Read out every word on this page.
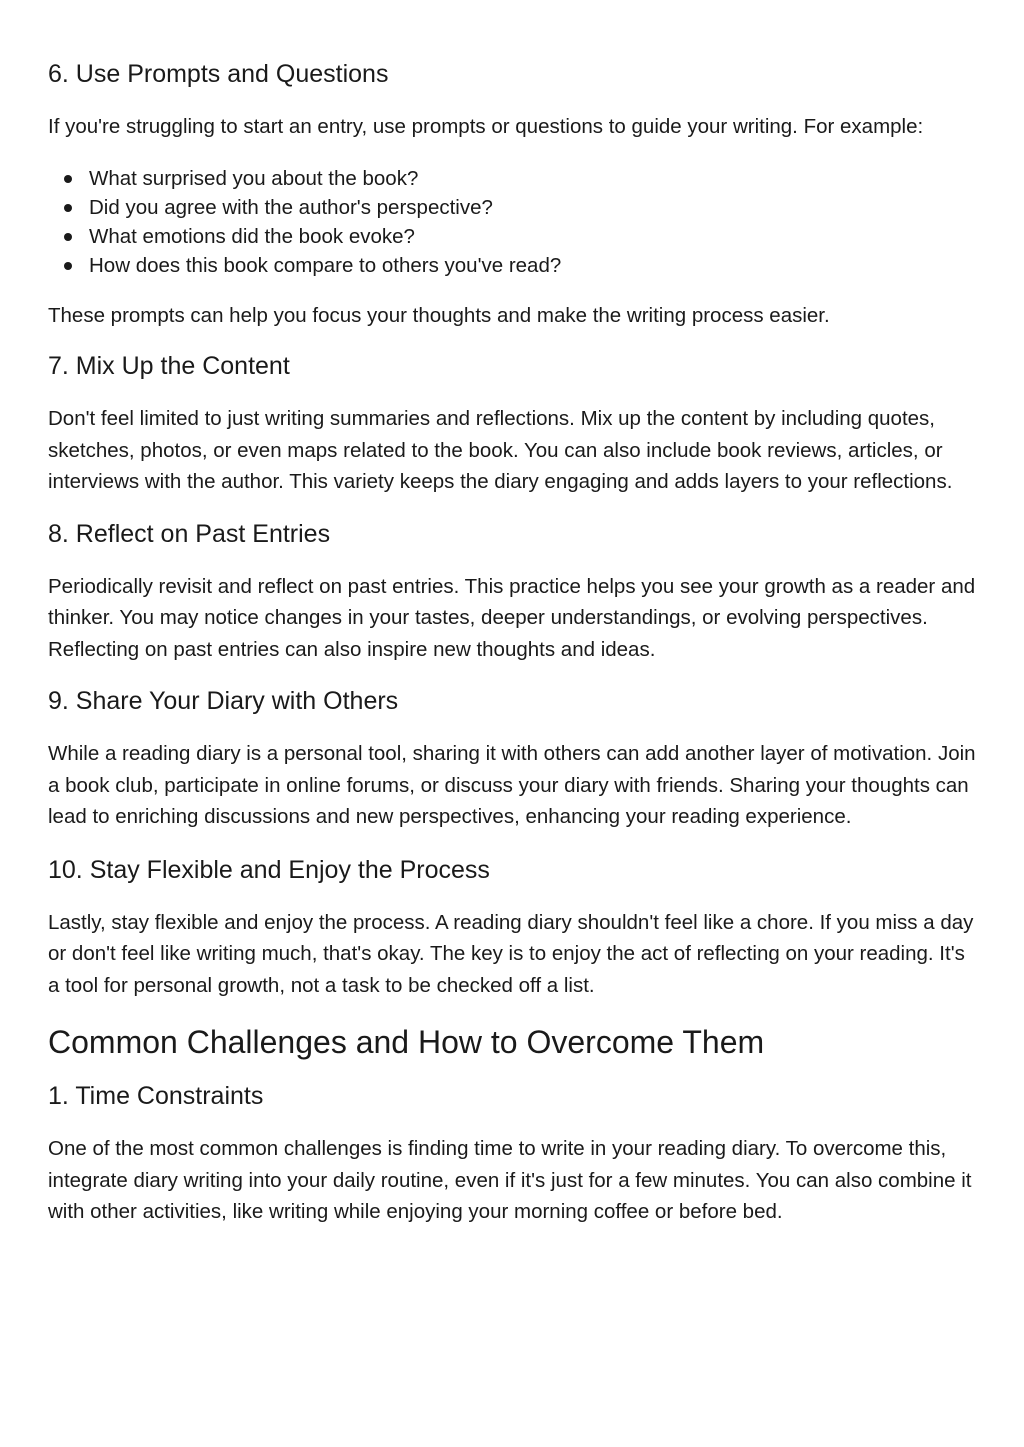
6. Use Prompts and Questions

If you're struggling to start an entry, use prompts or questions to guide your writing. For example:

What surprised you about the book?
Did you agree with the author's perspective?
What emotions did the book evoke?
How does this book compare to others you've read?

These prompts can help you focus your thoughts and make the writing process easier.

7. Mix Up the Content

Don't feel limited to just writing summaries and reflections. Mix up the content by including quotes, sketches, photos, or even maps related to the book. You can also include book reviews, articles, or interviews with the author. This variety keeps the diary engaging and adds layers to your reflections.

8. Reflect on Past Entries

Periodically revisit and reflect on past entries. This practice helps you see your growth as a reader and thinker. You may notice changes in your tastes, deeper understandings, or evolving perspectives. Reflecting on past entries can also inspire new thoughts and ideas.

9. Share Your Diary with Others

While a reading diary is a personal tool, sharing it with others can add another layer of motivation. Join a book club, participate in online forums, or discuss your diary with friends. Sharing your thoughts can lead to enriching discussions and new perspectives, enhancing your reading experience.

10. Stay Flexible and Enjoy the Process

Lastly, stay flexible and enjoy the process. A reading diary shouldn't feel like a chore. If you miss a day or don't feel like writing much, that's okay. The key is to enjoy the act of reflecting on your reading. It's a tool for personal growth, not a task to be checked off a list.

Common Challenges and How to Overcome Them
1. Time Constraints

One of the most common challenges is finding time to write in your reading diary. To overcome this, integrate diary writing into your daily routine, even if it's just for a few minutes. You can also combine it with other activities, like writing while enjoying your morning coffee or before bed.
